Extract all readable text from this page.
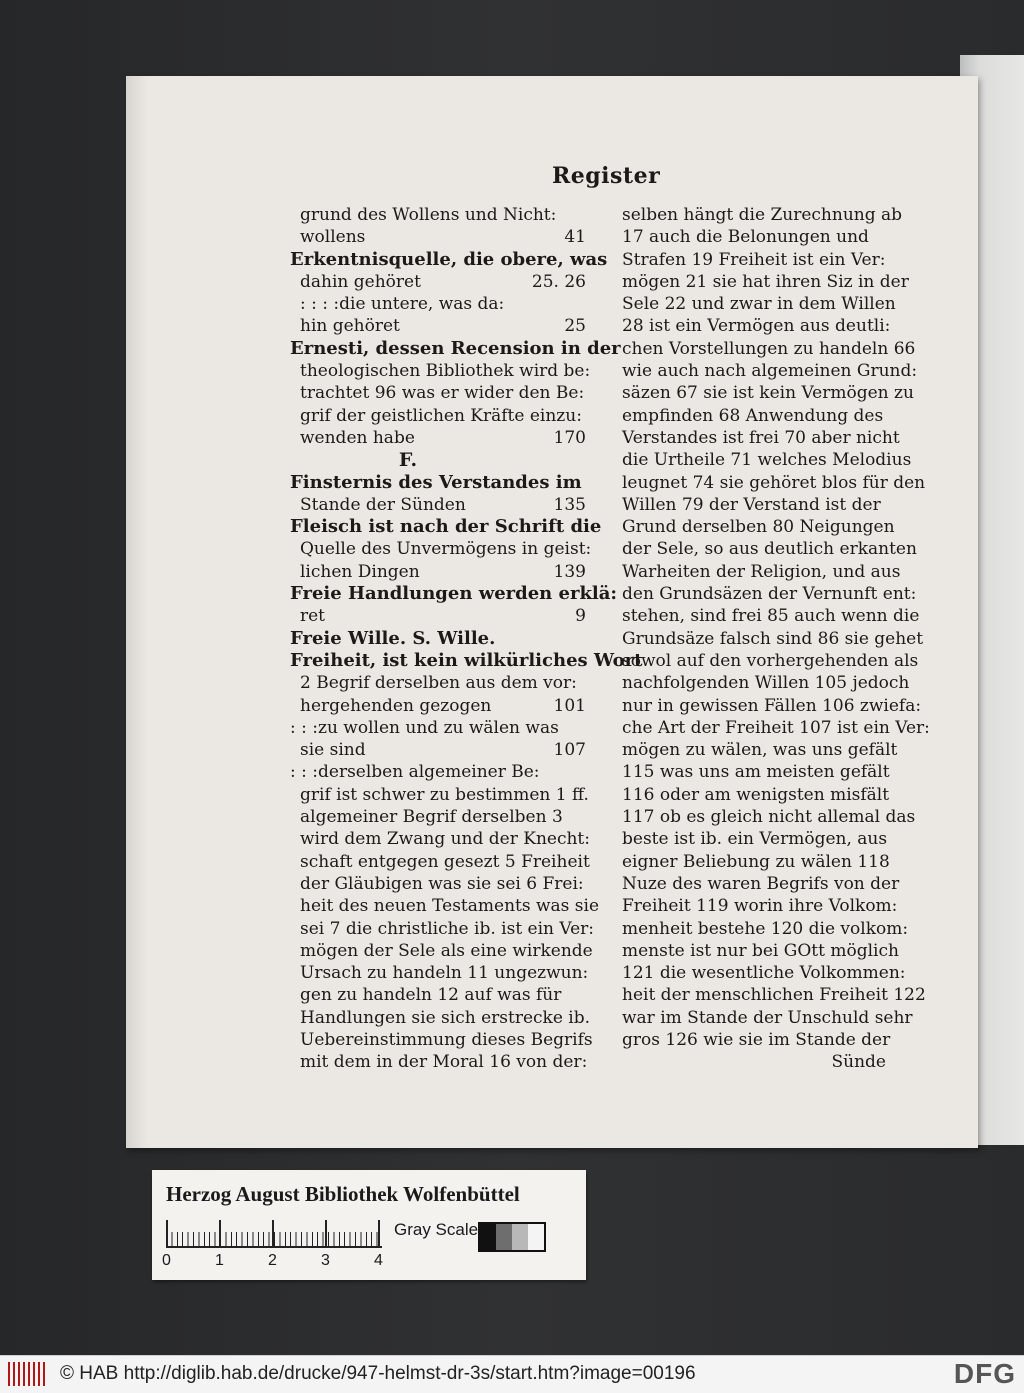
Register
grund des Wollens und Nicht:
wollens	41
Erkentnisquelle, die obere, was
dahin gehöret	25. 26
: : : : die untere, was da:
hin gehöret	25
Ernesti, dessen Recension in der
theologischen Bibliothek wird be:
trachtet 96 was er wider den Be:
grif der geistlichen Kräfte einzu:
wenden habe	170
F.
Finsternis des Verstandes im
Stande der Sünden	135
Fleisch ist nach der Schrift die
Quelle des Unvermögens in geist:
lichen Dingen	139
Freie Handlungen werden erklä:
ret	9
Freie Wille. S. Wille.
Freiheit, ist kein wilkürliches Wort
2 Begrif derselben aus dem vor:
hergehenden gezogen	101
: : : zu wollen und zu wälen was
sie sind	107
: : : derselben algemeiner Be:
grif ist schwer zu bestimmen 1 ff.
algemeiner Begrif derselben 3
wird dem Zwang und der Knecht:
schaft entgegen gesezt 5 Freiheit
der Gläubigen was sie sei 6 Frei:
heit des neuen Testaments was sie
sei 7 die christliche ib. ist ein Ver:
mögen der Sele als eine wirkende
Ursach zu handeln 11 ungezwun:
gen zu handeln 12 auf was für
Handlungen sie sich erstrecke ib.
Uebereinstimmung dieses Begrifs
mit dem in der Moral 16 von der:
selben hängt die Zurechnung ab
17 auch die Belonungen und
Strafen 19 Freiheit ist ein Ver:
mögen 21 sie hat ihren Siz in der
Sele 22 und zwar in dem Willen
28 ist ein Vermögen aus deutli:
chen Vorstellungen zu handeln 66
wie auch nach algemeinen Grund:
säzen 67 sie ist kein Vermögen zu
empfinden 68 Anwendung des
Verstandes ist frei 70 aber nicht
die Urtheile 71 welches Melodius
leugnet 74 sie gehöret blos für den
Willen 79 der Verstand ist der
Grund derselben 80 Neigungen
der Sele, so aus deutlich erkanten
Warheiten der Religion, und aus
den Grundsäzen der Vernunft ent:
stehen, sind frei 85 auch wenn die
Grundsäze falsch sind 86 sie gehet
sowol auf den vorhergehenden als
nachfolgenden Willen 105 jedoch
nur in gewissen Fällen 106 zwiefa:
che Art der Freiheit 107 ist ein Ver:
mögen zu wälen, was uns gefält
115 was uns am meisten gefält
116 oder am wenigsten misfält
117 ob es gleich nicht allemal das
beste ist ib. ein Vermögen, aus
eigner Beliebung zu wälen 118
Nuze des waren Begrifs von der
Freiheit 119 worin ihre Volkom:
menheit bestehe 120 die volkom:
menste ist nur bei GOtt möglich
121 die wesentliche Volkommen:
heit der menschlichen Freiheit 122
war im Stande der Unschuld sehr
gros 126 wie sie im Stande der
Sünde
Herzog August Bibliothek Wolfenbüttel
0	1	2	3	4
Gray Scale
© HAB http://diglib.hab.de/drucke/947-helmst-dr-3s/start.htm?image=00196	DFG
